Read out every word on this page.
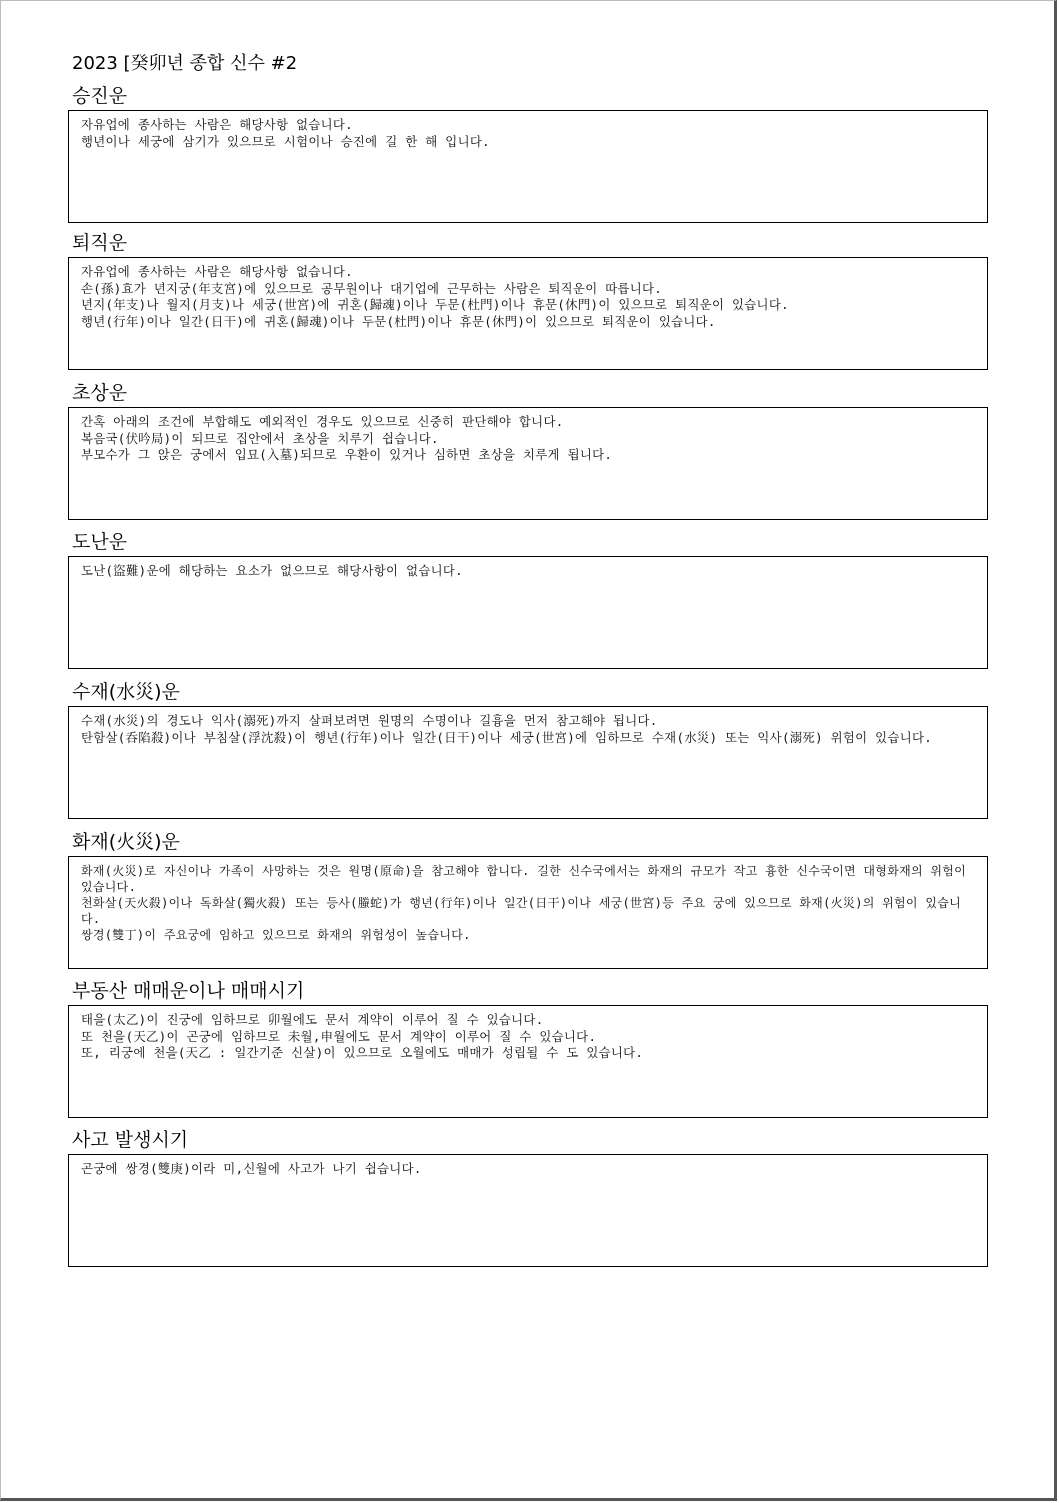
2023 [癸卯년 종합 신수 #2
승진운

자유업에 종사하는 사람은 해당사항 없습니다.

행년이나 세궁에 삼기가 있으므로 시험이나 승진에 길 한 해 입니다.

퇴직운

자유업에 종사하는 사람은 해당사항 없습니다.

손(孫)효가 년지궁(年支宮)에 있으므로 공무원이나 대기업에 근무하는 사람은 퇴직운이 따릅니다.

년지(年支)나 월지(月支)나 세궁(世宮)에 귀혼(歸魂)이나 두문(杜門)이나 휴문(休門)이 있으므로 퇴직운이 있습니다.

행년(行年)이나 일간(日干)에 귀혼(歸魂)이나 두문(杜門)이나 휴문(休門)이 있으므로 퇴직운이 있습니다.

초상운

간혹 아래의 조건에 부합해도 예외적인 경우도 있으므로 신중히 판단해야 합니다.

복음국(伏吟局)이 되므로 집안에서 초상을 치루기 쉽습니다.

부모수가 그 앉은 궁에서 입묘(入墓)되므로 우환이 있거나 심하면 초상을 치루게 됩니다.

도난운

도난(盜難)운에 해당하는 요소가 없으므로 해당사항이 없습니다.

수재(水災)운

수재(水災)의 경도나 익사(溺死)까지 살펴보려면 원명의 수명이나 길흉을 먼저 참고해야 됩니다.

탄함살(呑陷殺)이나 부침살(浮沈殺)이 행년(行年)이나 일간(日干)이나 세궁(世宮)에 임하므로 수재(水災) 또는 익사(溺死) 위험이 있습니다.

화재(火災)운

화재(火災)로 자신이나 가족이 사망하는 것은 원명(原命)을 참고해야 합니다. 길한 신수국에서는 화재의 규모가 작고 흉한 신수국이면 대형화재의 위험이 있습니다.

천화살(天火殺)이나 독화살(獨火殺) 또는 등사(螣蛇)가 행년(行年)이나 일간(日干)이나 세궁(世宮)등 주요 궁에 있으므로 화재(火災)의 위험이 있습니다.

쌍경(雙丁)이 주요궁에 임하고 있으므로 화재의 위험성이 높습니다.

부동산 매매운이나 매매시기

태을(太乙)이 진궁에 임하므로 卯월에도 문서 계약이 이루어 질 수 있습니다.

또 천을(天乙)이 곤궁에 임하므로 未월,申월에도 문서 계약이 이루어 질 수 있습니다.

또, 리궁에 천을(天乙 : 일간기준 신살)이 있으므로 오월에도 매매가 성립될 수 도 있습니다.

사고 발생시기

곤궁에 쌍경(雙庚)이라 미,신월에 사고가 나기 쉽습니다.
